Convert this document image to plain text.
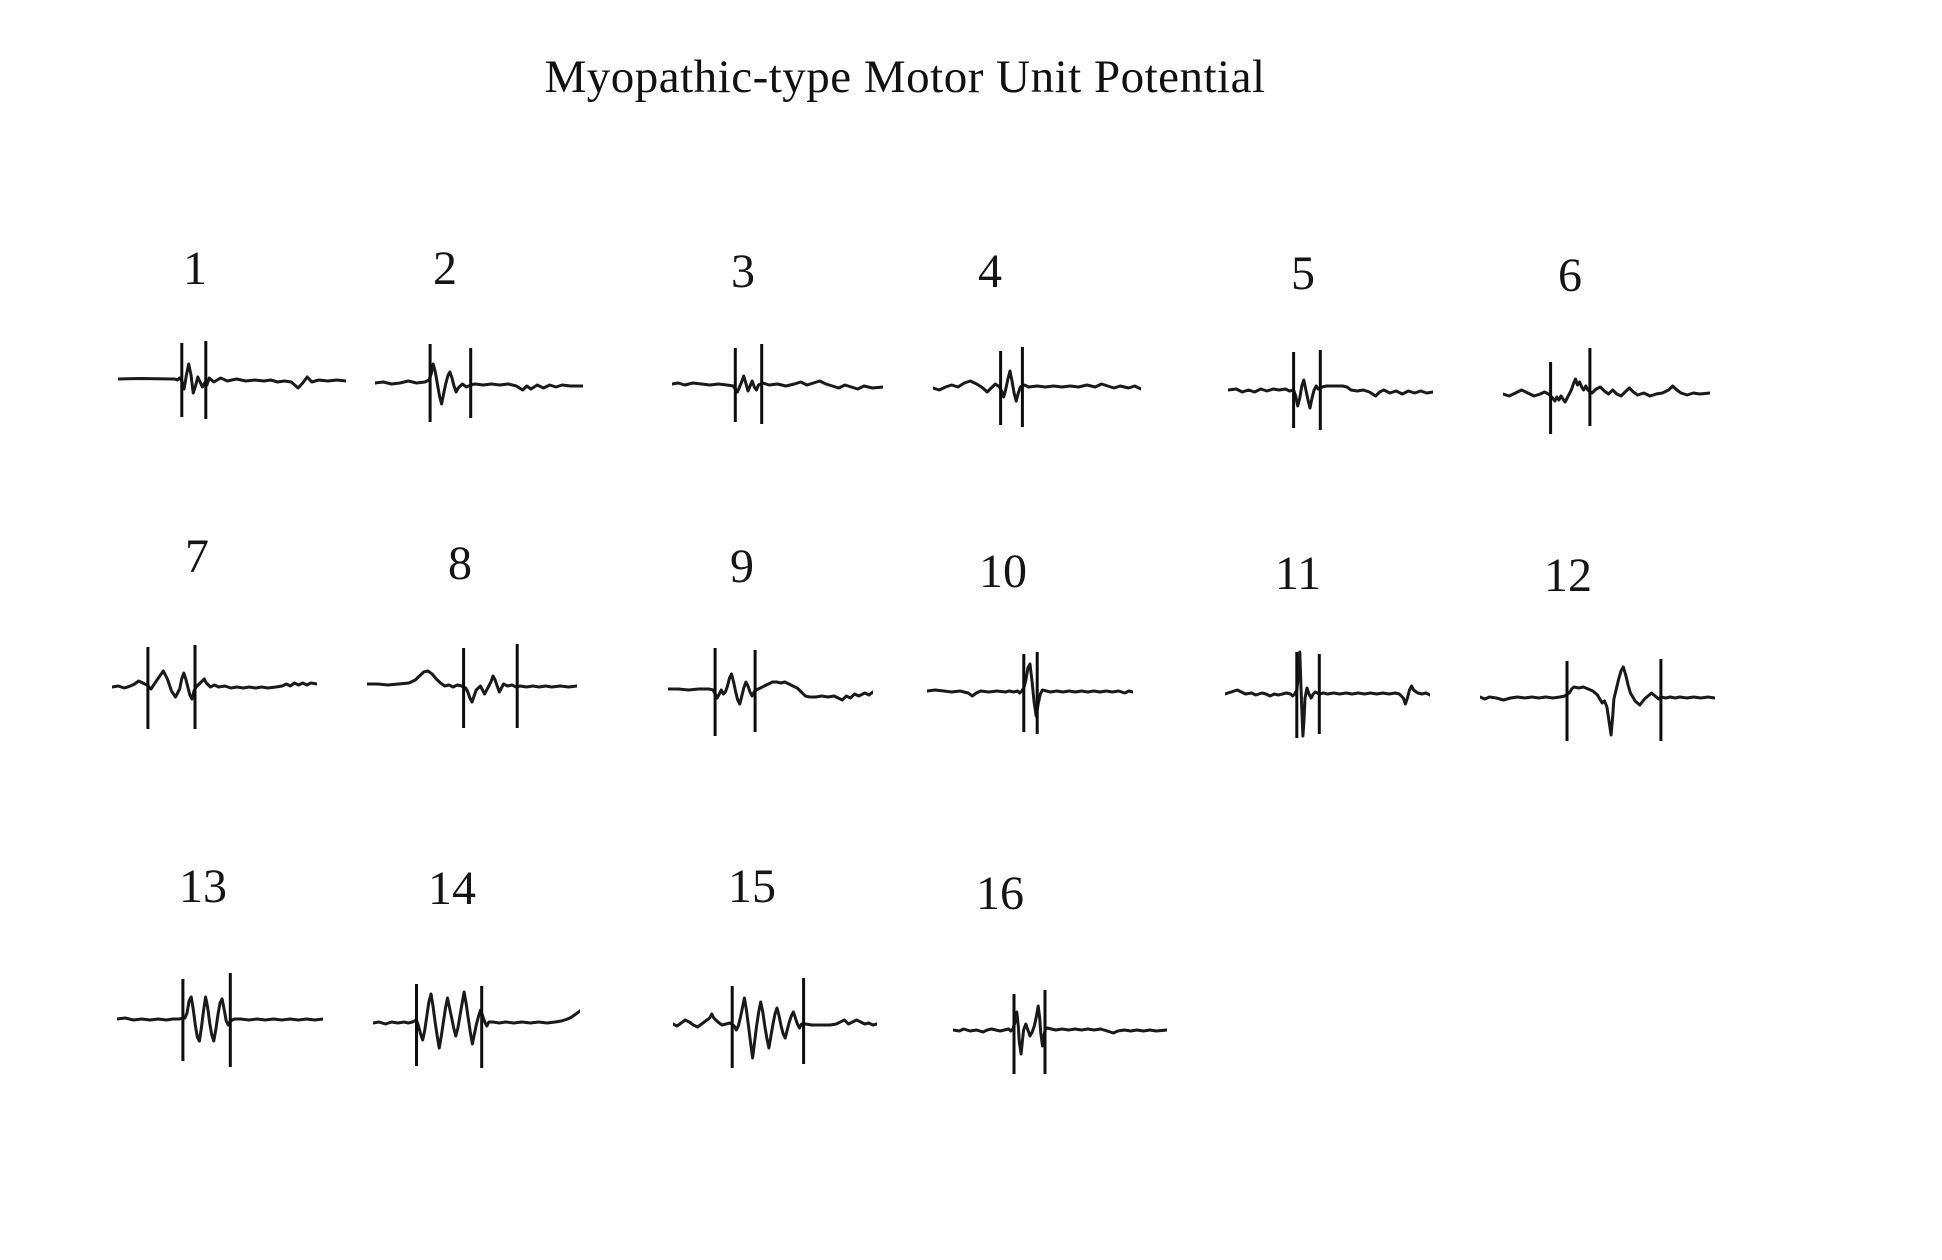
Myopathic-type Motor Unit Potential
1	2	3	4	5	6
7	8	9	10	11	12
13	14	15	16
